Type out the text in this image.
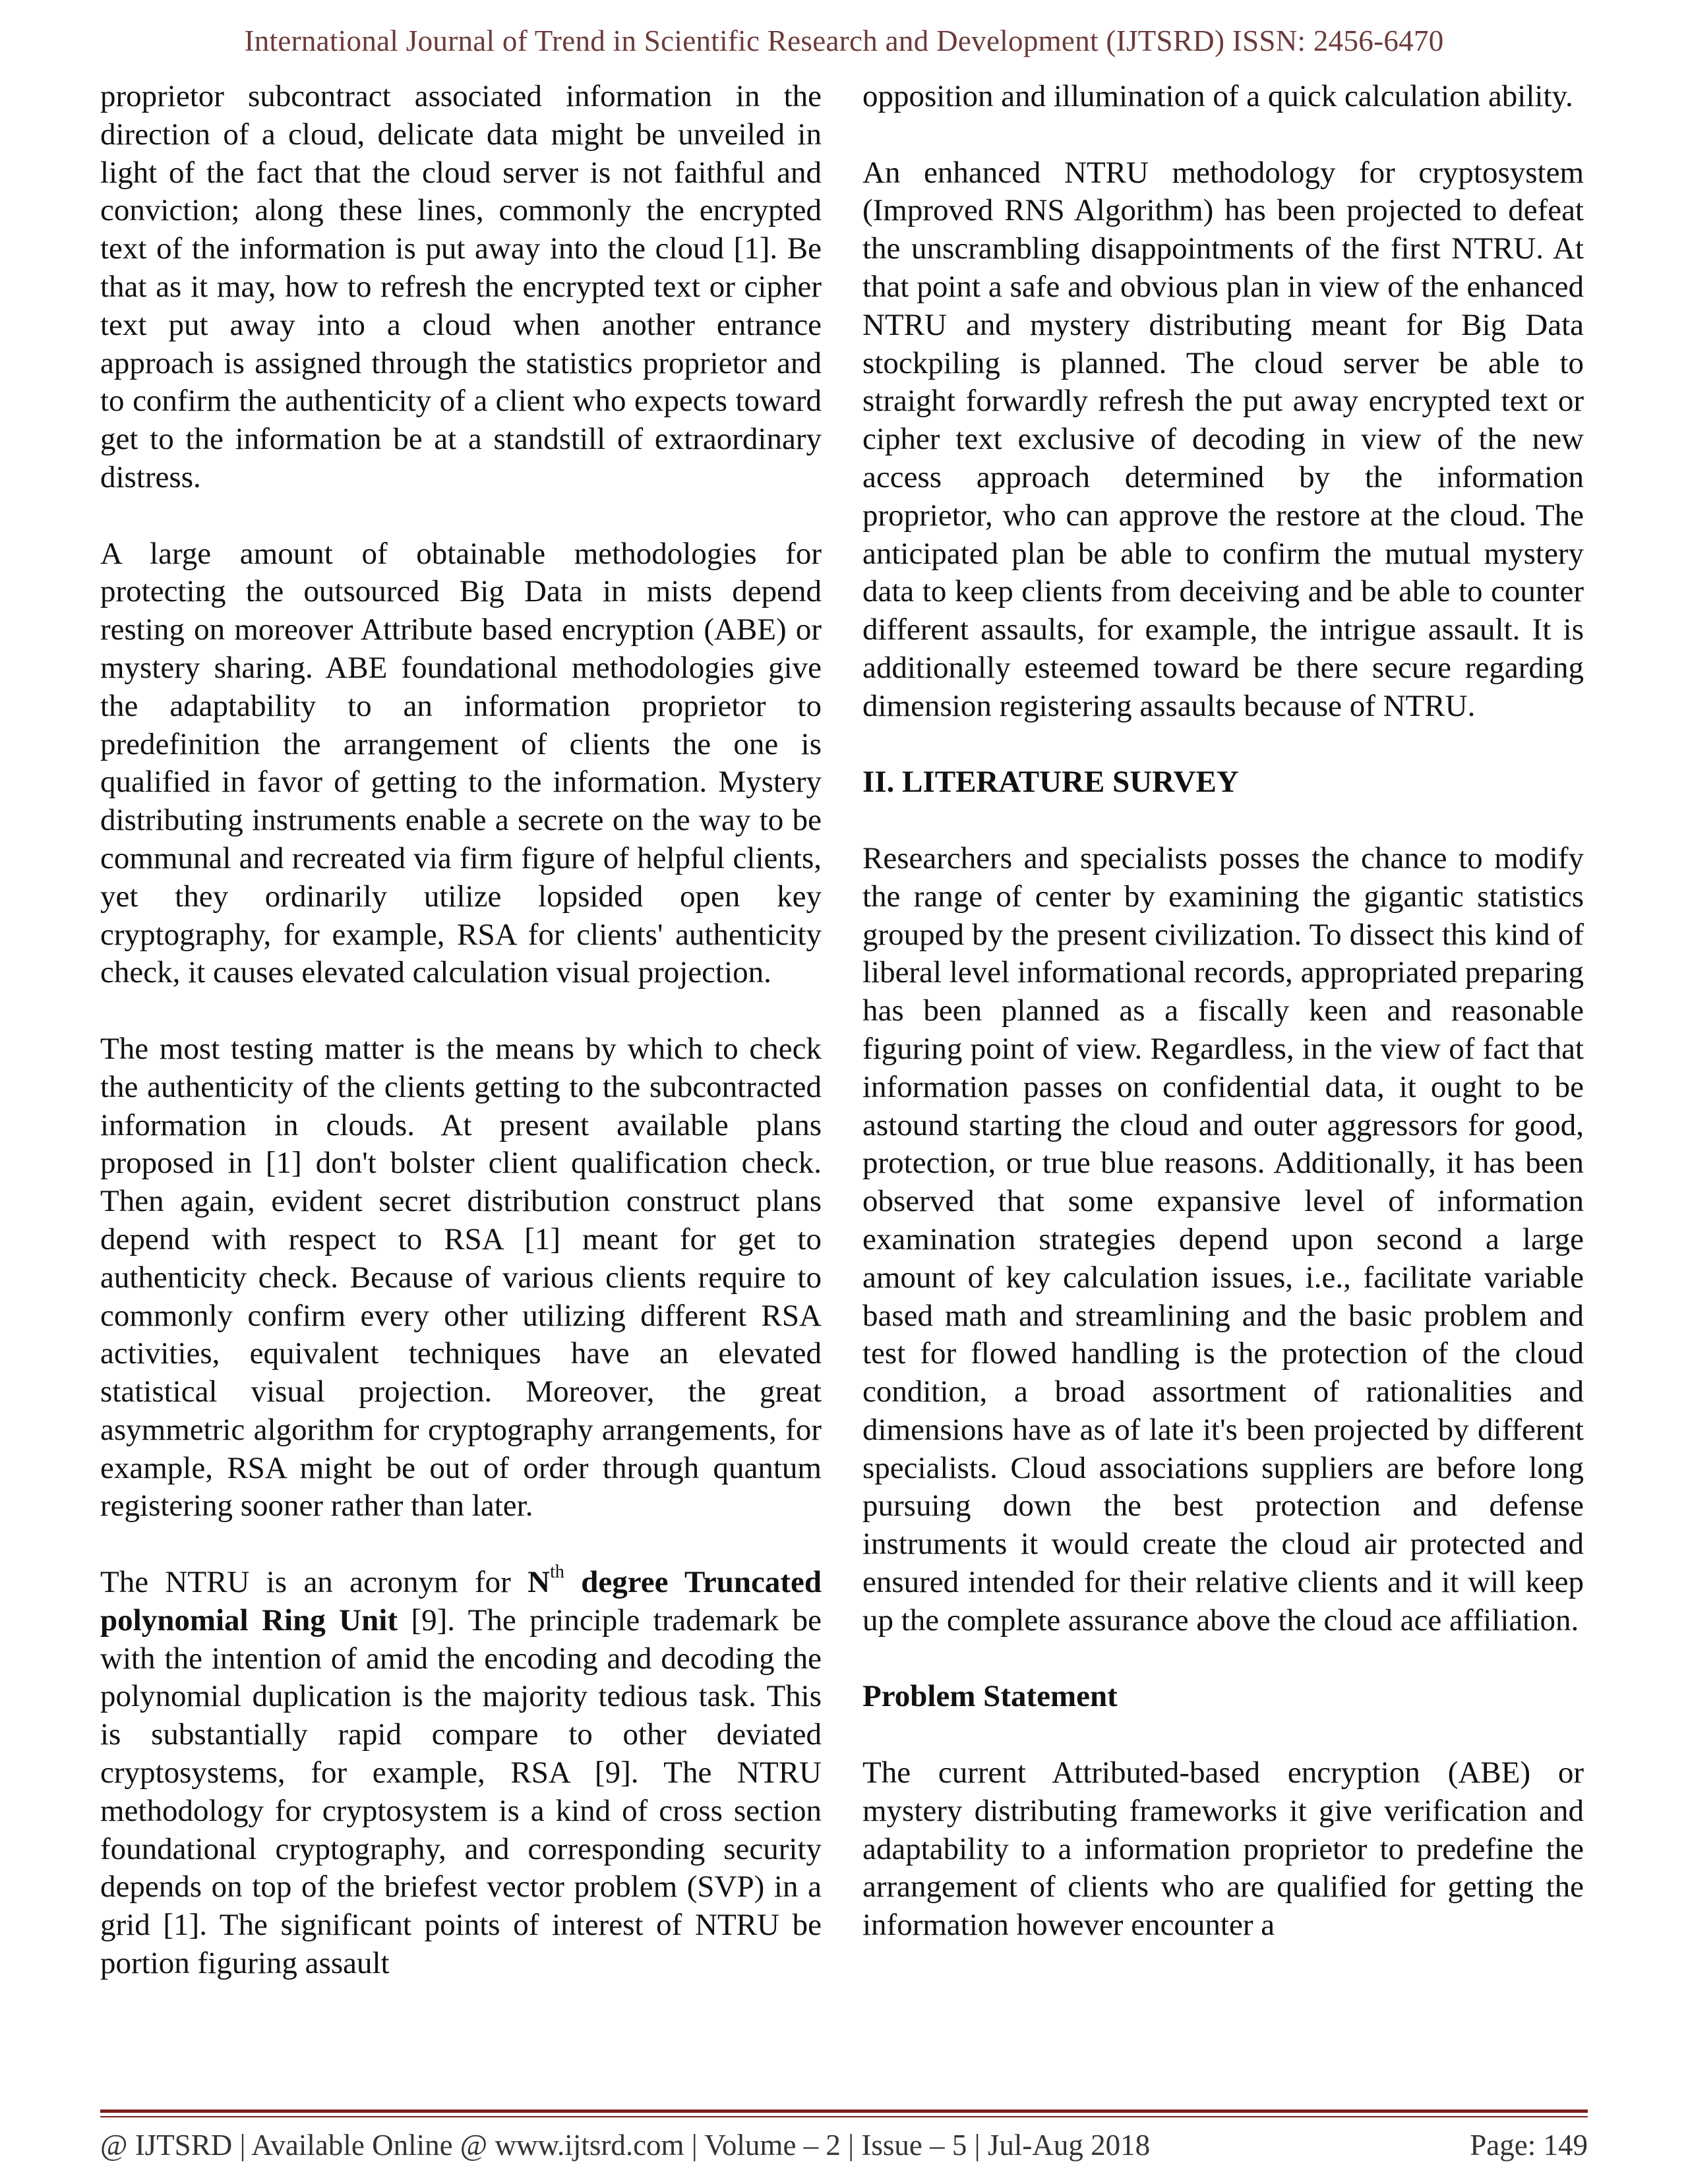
International Journal of Trend in Scientific Research and Development (IJTSRD) ISSN: 2456-6470

proprietor subcontract associated information in the direction of a cloud, delicate data might be unveiled in light of the fact that the cloud server is not faithful and conviction; along these lines, commonly the encrypted text of the information is put away into the cloud [1]. Be that as it may, how to refresh the encrypted text or cipher text put away into a cloud when another entrance approach is assigned through the statistics proprietor and to confirm the authenticity of a client who expects toward get to the information be at a standstill of extraordinary distress.

A large amount of obtainable methodologies for protecting the outsourced Big Data in mists depend resting on moreover Attribute based encryption (ABE) or mystery sharing. ABE foundational methodologies give the adaptability to an information proprietor to predefinition the arrangement of clients the one is qualified in favor of getting to the information. Mystery distributing instruments enable a secrete on the way to be communal and recreated via firm figure of helpful clients, yet they ordinarily utilize lopsided open key cryptography, for example, RSA for clients' authenticity check, it causes elevated calculation visual projection.

The most testing matter is the means by which to check the authenticity of the clients getting to the subcontracted information in clouds. At present available plans proposed in [1] don't bolster client qualification check. Then again, evident secret distribution construct plans depend with respect to RSA [1] meant for get to authenticity check. Because of various clients require to commonly confirm every other utilizing different RSA activities, equivalent techniques have an elevated statistical visual projection. Moreover, the great asymmetric algorithm for cryptography arrangements, for example, RSA might be out of order through quantum registering sooner rather than later.

The NTRU is an acronym for $N^{th}$ degree Truncated polynomial Ring Unit [9]. The principle trademark be with the intention of amid the encoding and decoding the polynomial duplication is the majority tedious task. This is substantially rapid compare to other deviated cryptosystems, for example, RSA [9]. The NTRU methodology for cryptosystem is a kind of cross section foundational cryptography, and corresponding security depends on top of the briefest vector problem (SVP) in a grid [1]. The significant points of interest of NTRU be portion figuring assault

opposition and illumination of a quick calculation ability.

An enhanced NTRU methodology for cryptosystem (Improved RNS Algorithm) has been projected to defeat the unscrambling disappointments of the first NTRU. At that point a safe and obvious plan in view of the enhanced NTRU and mystery distributing meant for Big Data stockpiling is planned. The cloud server be able to straight forwardly refresh the put away encrypted text or cipher text exclusive of decoding in view of the new access approach determined by the information proprietor, who can approve the restore at the cloud. The anticipated plan be able to confirm the mutual mystery data to keep clients from deceiving and be able to counter different assaults, for example, the intrigue assault. It is additionally esteemed toward be there secure regarding dimension registering assaults because of NTRU.

II. LITERATURE SURVEY

Researchers and specialists posses the chance to modify the range of center by examining the gigantic statistics grouped by the present civilization. To dissect this kind of liberal level informational records, appropriated preparing has been planned as a fiscally keen and reasonable figuring point of view. Regardless, in the view of fact that information passes on confidential data, it ought to be astound starting the cloud and outer aggressors for good, protection, or true blue reasons. Additionally, it has been observed that some expansive level of information examination strategies depend upon second a large amount of key calculation issues, i.e., facilitate variable based math and streamlining and the basic problem and test for flowed handling is the protection of the cloud condition, a broad assortment of rationalities and dimensions have as of late it's been projected by different specialists. Cloud associations suppliers are before long pursuing down the best protection and defense instruments it would create the cloud air protected and ensured intended for their relative clients and it will keep up the complete assurance above the cloud ace affiliation.

Problem Statement

The current Attributed-based encryption (ABE) or mystery distributing frameworks it give verification and adaptability to a information proprietor to predefine the arrangement of clients who are qualified for getting the information however encounter a

@ IJTSRD | Available Online @ www.ijtsrd.com | Volume – 2 | Issue – 5 | Jul-Aug 2018	Page: 149
